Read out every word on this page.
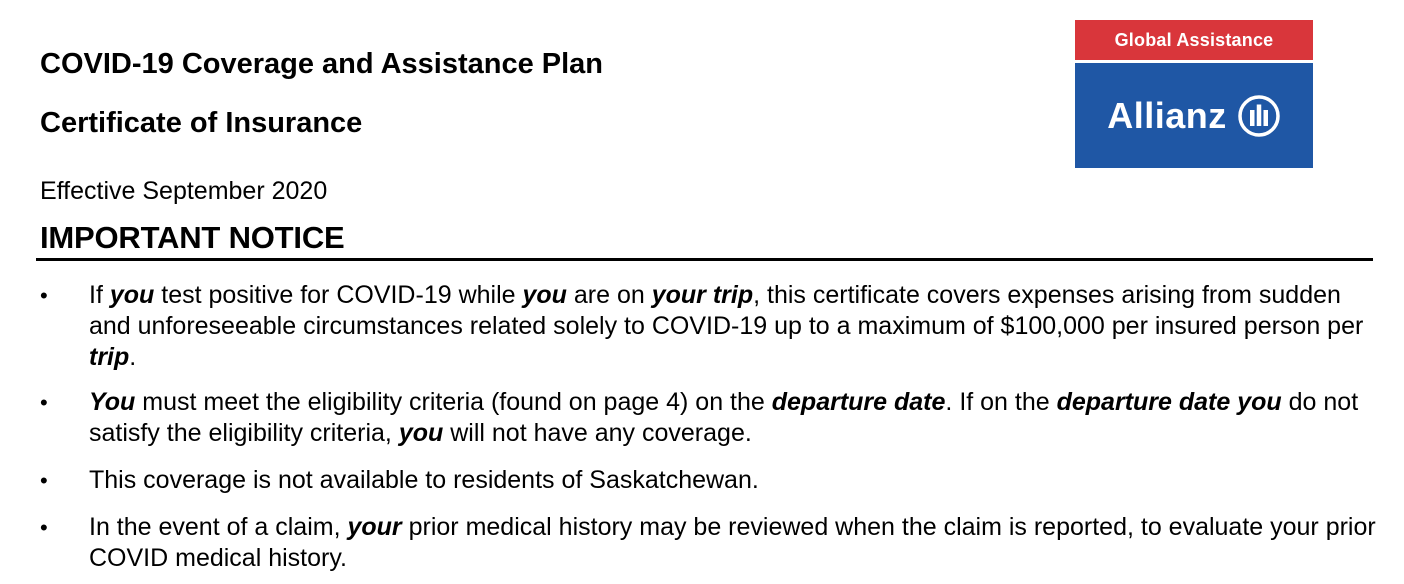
COVID-19 Coverage and Assistance Plan
Certificate of Insurance

Effective September 2020

IMPORTANT NOTICE
Global Assistance
Allianz
• If you test positive for COVID-19 while you are on your trip, this certificate covers expenses arising from sudden and unforeseeable circumstances related solely to COVID-19 up to a maximum of $100,000 per insured person per trip.
• You must meet the eligibility criteria (found on page 4) on the departure date. If on the departure date you do not satisfy the eligibility criteria, you will not have any coverage.
• This coverage is not available to residents of Saskatchewan.
• In the event of a claim, your prior medical history may be reviewed when the claim is reported, to evaluate your prior COVID medical history.
